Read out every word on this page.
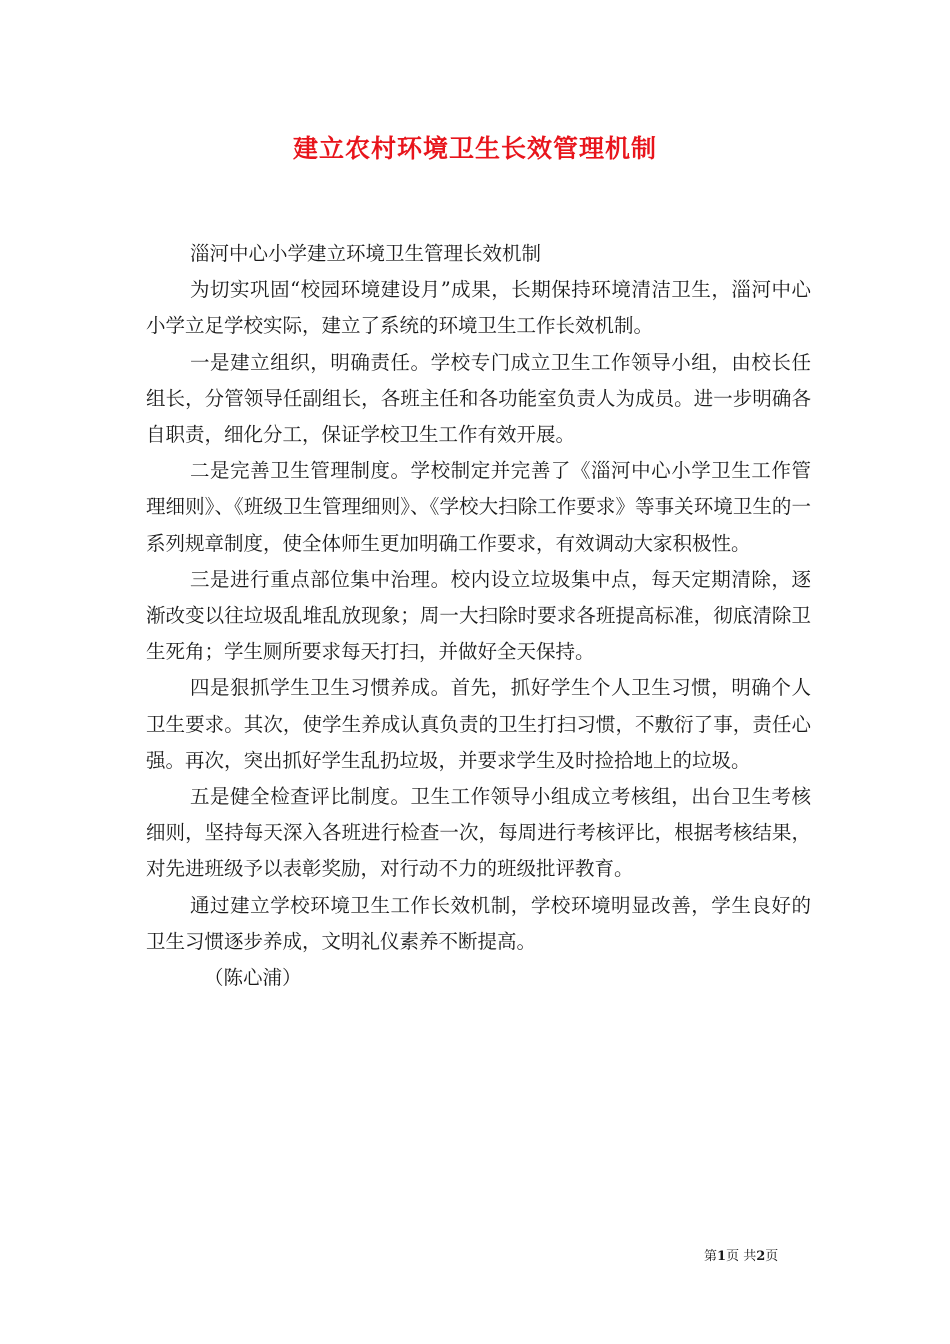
建立农村环境卫生长效管理机制

淄河中心小学建立环境卫生管理长效机制

为切实巩固“校园环境建设月”成果，长期保持环境清洁卫生，淄河中心小学立足学校实际，建立了系统的环境卫生工作长效机制。

一是建立组织，明确责任。学校专门成立卫生工作领导小组，由校长任组长，分管领导任副组长，各班主任和各功能室负责人为成员。进一步明确各自职责，细化分工，保证学校卫生工作有效开展。

二是完善卫生管理制度。学校制定并完善了《淄河中心小学卫生工作管理细则》、《班级卫生管理细则》、《学校大扫除工作要求》等事关环境卫生的一系列规章制度，使全体师生更加明确工作要求，有效调动大家积极性。

三是进行重点部位集中治理。校内设立垃圾集中点，每天定期清除，逐渐改变以往垃圾乱堆乱放现象；周一大扫除时要求各班提高标准，彻底清除卫生死角；学生厕所要求每天打扫，并做好全天保持。

四是狠抓学生卫生习惯养成。首先，抓好学生个人卫生习惯，明确个人卫生要求。其次，使学生养成认真负责的卫生打扫习惯，不敷衍了事，责任心强。再次，突出抓好学生乱扔垃圾，并要求学生及时捡拾地上的垃圾。

五是健全检查评比制度。卫生工作领导小组成立考核组，出台卫生考核细则，坚持每天深入各班进行检查一次，每周进行考核评比，根据考核结果，对先进班级予以表彰奖励，对行动不力的班级批评教育。

通过建立学校环境卫生工作长效机制，学校环境明显改善，学生良好的卫生习惯逐步养成，文明礼仪素养不断提高。

（陈心浦）

第1页 共2页
